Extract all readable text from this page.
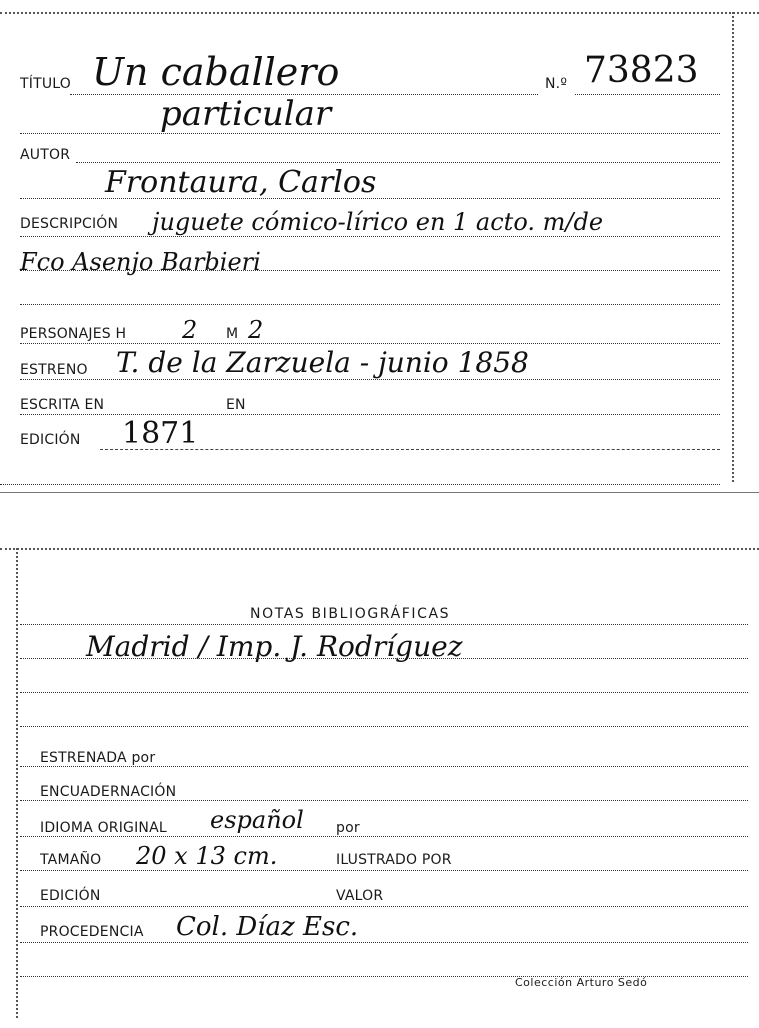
TÍTULO Un caballero	N.º 73823
particular
AUTOR
Frontaura, Carlos
DESCRIPCIÓN juguete cómico-lírico en 1 acto. m/de
Fco Asenjo Barbieri
PERSONAJES H 2 M 2
ESTRENO T. de la Zarzuela - junio 1858
ESCRITA EN	EN
EDICIÓN 1871
NOTAS BIBLIOGRÁFICAS
Madrid / Imp. J. Rodríguez
ESTRENADA por
ENCUADERNACIÓN
IDIOMA ORIGINAL español por
TAMAÑO 20 x 13 cm.	ILUSTRADO POR
EDICIÓN	VALOR
PROCEDENCIA Col. Díaz Esc.
Colección Arturo Sedó
